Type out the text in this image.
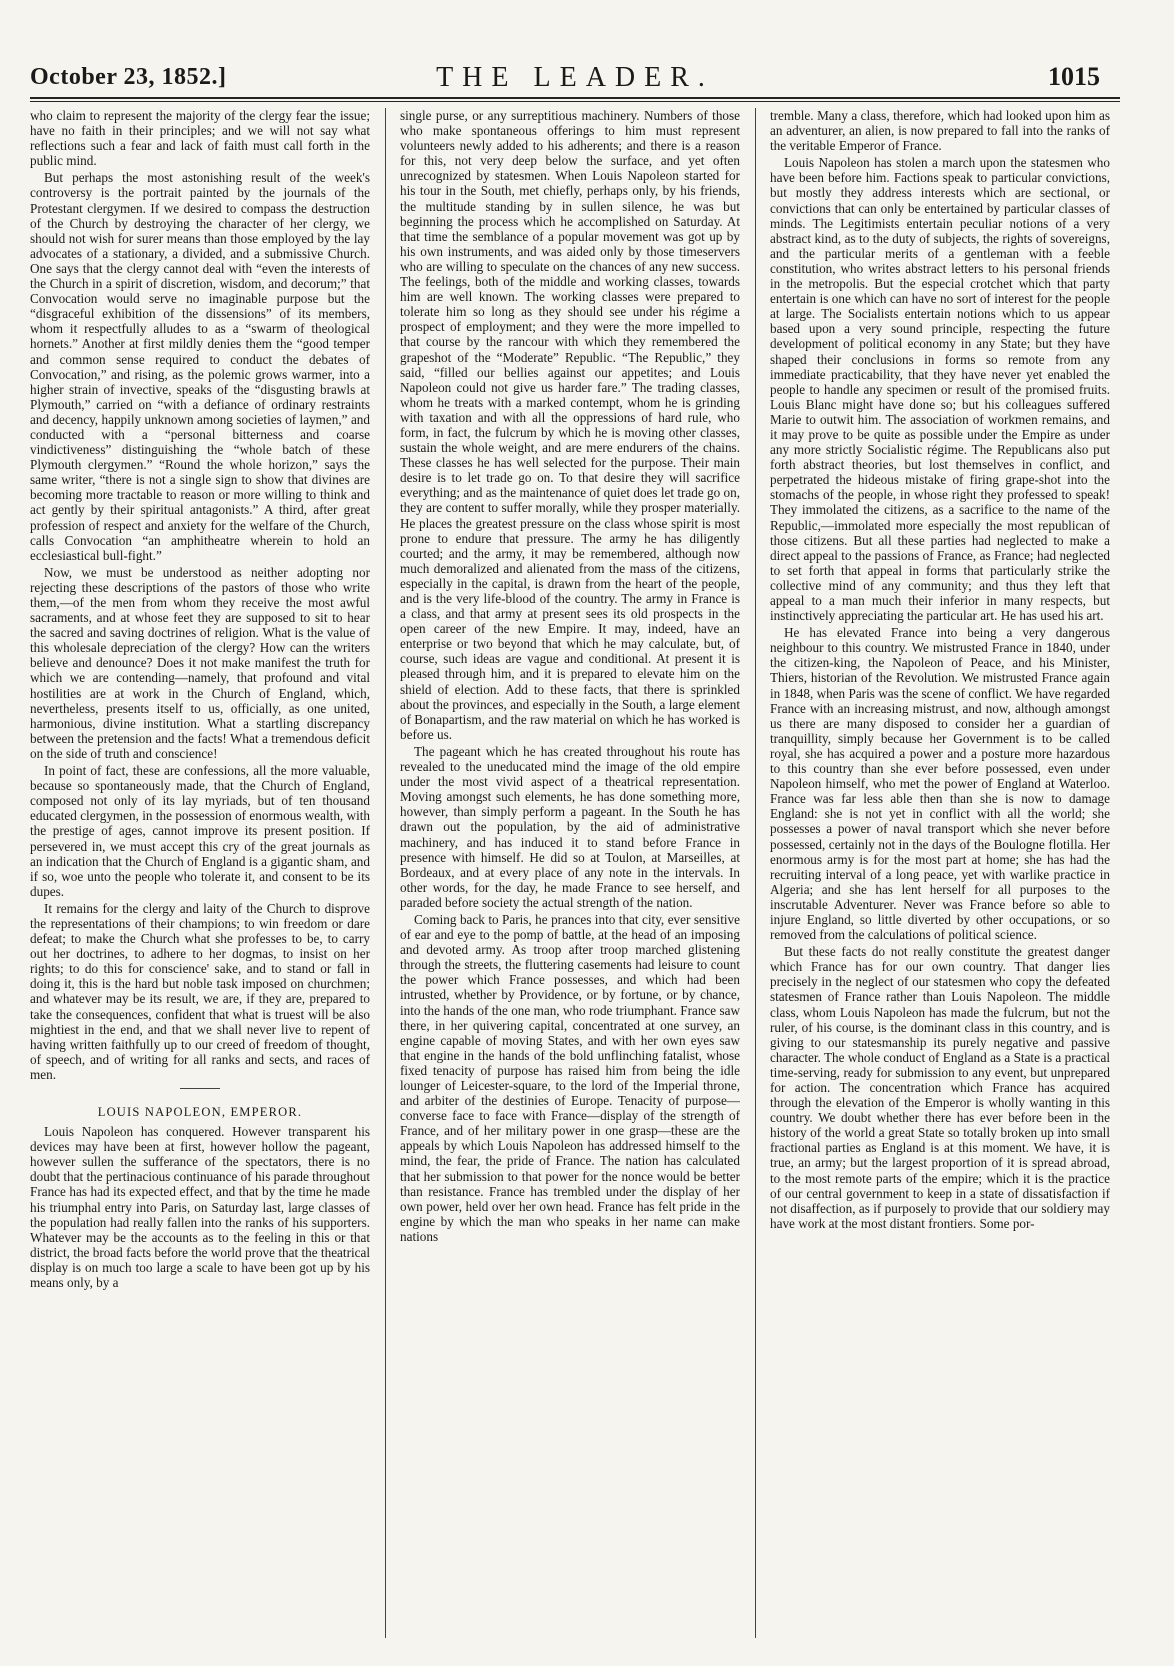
October 23, 1852.]	THE LEADER.	1015

who claim to represent the majority of the clergy fear the issue; have no faith in their principles; and we will not say what reflections such a fear and lack of faith must call forth in the public mind.

But perhaps the most astonishing result of the week's controversy is the portrait painted by the journals of the Protestant clergymen. If we desired to compass the destruction of the Church by destroying the character of her clergy, we should not wish for surer means than those employed by the lay advocates of a stationary, a divided, and a submissive Church. One says that the clergy cannot deal with “even the interests of the Church in a spirit of discretion, wisdom, and decorum;” that Convocation would serve no imaginable purpose but the “disgraceful exhibition of the dissensions” of its members, whom it respectfully alludes to as a “swarm of theological hornets.” Another at first mildly denies them the “good temper and common sense required to conduct the debates of Convocation,” and rising, as the polemic grows warmer, into a higher strain of invective, speaks of the “disgusting brawls at Plymouth,” carried on “with a defiance of ordinary restraints and decency, happily unknown among societies of laymen,” and conducted with a “personal bitterness and coarse vindictiveness” distinguishing the “whole batch of these Plymouth clergymen.” “Round the whole horizon,” says the same writer, “there is not a single sign to show that divines are becoming more tractable to reason or more willing to think and act gently by their spiritual antagonists.” A third, after great profession of respect and anxiety for the welfare of the Church, calls Convocation “an amphitheatre wherein to hold an ecclesiastical bull-fight.”

Now, we must be understood as neither adopting nor rejecting these descriptions of the pastors of those who write them,—of the men from whom they receive the most awful sacraments, and at whose feet they are supposed to sit to hear the sacred and saving doctrines of religion. What is the value of this wholesale depreciation of the clergy? How can the writers believe and denounce? Does it not make manifest the truth for which we are contending—namely, that profound and vital hostilities are at work in the Church of England, which, nevertheless, presents itself to us, officially, as one united, harmonious, divine institution. What a startling discrepancy between the pretension and the facts! What a tremendous deficit on the side of truth and conscience!

In point of fact, these are confessions, all the more valuable, because so spontaneously made, that the Church of England, composed not only of its lay myriads, but of ten thousand educated clergymen, in the possession of enormous wealth, with the prestige of ages, cannot improve its present position. If persevered in, we must accept this cry of the great journals as an indication that the Church of England is a gigantic sham, and if so, woe unto the people who tolerate it, and consent to be its dupes.

It remains for the clergy and laity of the Church to disprove the representations of their champions; to win freedom or dare defeat; to make the Church what she professes to be, to carry out her doctrines, to adhere to her dogmas, to insist on her rights; to do this for conscience' sake, and to stand or fall in doing it, this is the hard but noble task imposed on churchmen; and whatever may be its result, we are, if they are, prepared to take the consequences, confident that what is truest will be also mightiest in the end, and that we shall never live to repent of having written faithfully up to our creed of freedom of thought, of speech, and of writing for all ranks and sects, and races of men.

LOUIS NAPOLEON, EMPEROR.

Louis Napoleon has conquered. However transparent his devices may have been at first, however hollow the pageant, however sullen the sufferance of the spectators, there is no doubt that the pertinacious continuance of his parade throughout France has had its expected effect, and that by the time he made his triumphal entry into Paris, on Saturday last, large classes of the population had really fallen into the ranks of his supporters. Whatever may be the accounts as to the feeling in this or that district, the broad facts before the world prove that the theatrical display is on much too large a scale to have been got up by his means only, by a

single purse, or any surreptitious machinery. Numbers of those who make spontaneous offerings to him must represent volunteers newly added to his adherents; and there is a reason for this, not very deep below the surface, and yet often unrecognized by statesmen. When Louis Napoleon started for his tour in the South, met chiefly, perhaps only, by his friends, the multitude standing by in sullen silence, he was but beginning the process which he accomplished on Saturday. At that time the semblance of a popular movement was got up by his own instruments, and was aided only by those timeservers who are willing to speculate on the chances of any new success. The feelings, both of the middle and working classes, towards him are well known. The working classes were prepared to tolerate him so long as they should see under his régime a prospect of employment; and they were the more impelled to that course by the rancour with which they remembered the grapeshot of the “Moderate” Republic. “The Republic,” they said, “filled our bellies against our appetites; and Louis Napoleon could not give us harder fare.” The trading classes, whom he treats with a marked contempt, whom he is grinding with taxation and with all the oppressions of hard rule, who form, in fact, the fulcrum by which he is moving other classes, sustain the whole weight, and are mere endurers of the chains. These classes he has well selected for the purpose. Their main desire is to let trade go on. To that desire they will sacrifice everything; and as the maintenance of quiet does let trade go on, they are content to suffer morally, while they prosper materially. He places the greatest pressure on the class whose spirit is most prone to endure that pressure. The army he has diligently courted; and the army, it may be remembered, although now much demoralized and alienated from the mass of the citizens, especially in the capital, is drawn from the heart of the people, and is the very life-blood of the country. The army in France is a class, and that army at present sees its old prospects in the open career of the new Empire. It may, indeed, have an enterprise or two beyond that which he may calculate, but, of course, such ideas are vague and conditional. At present it is pleased through him, and it is prepared to elevate him on the shield of election. Add to these facts, that there is sprinkled about the provinces, and especially in the South, a large element of Bonapartism, and the raw material on which he has worked is before us.

The pageant which he has created throughout his route has revealed to the uneducated mind the image of the old empire under the most vivid aspect of a theatrical representation. Moving amongst such elements, he has done something more, however, than simply perform a pageant. In the South he has drawn out the population, by the aid of administrative machinery, and has induced it to stand before France in presence with himself. He did so at Toulon, at Marseilles, at Bordeaux, and at every place of any note in the intervals. In other words, for the day, he made France to see herself, and paraded before society the actual strength of the nation.

Coming back to Paris, he prances into that city, ever sensitive of ear and eye to the pomp of battle, at the head of an imposing and devoted army. As troop after troop marched glistening through the streets, the fluttering casements had leisure to count the power which France possesses, and which had been intrusted, whether by Providence, or by fortune, or by chance, into the hands of the one man, who rode triumphant. France saw there, in her quivering capital, concentrated at one survey, an engine capable of moving States, and with her own eyes saw that engine in the hands of the bold unflinching fatalist, whose fixed tenacity of purpose has raised him from being the idle lounger of Leicester-square, to the lord of the Imperial throne, and arbiter of the destinies of Europe. Tenacity of purpose—converse face to face with France—display of the strength of France, and of her military power in one grasp—these are the appeals by which Louis Napoleon has addressed himself to the mind, the fear, the pride of France. The nation has calculated that her submission to that power for the nonce would be better than resistance. France has trembled under the display of her own power, held over her own head. France has felt pride in the engine by which the man who speaks in her name can make nations

tremble. Many a class, therefore, which had looked upon him as an adventurer, an alien, is now prepared to fall into the ranks of the veritable Emperor of France.

Louis Napoleon has stolen a march upon the statesmen who have been before him. Factions speak to particular convictions, but mostly they address interests which are sectional, or convictions that can only be entertained by particular classes of minds. The Legitimists entertain peculiar notions of a very abstract kind, as to the duty of subjects, the rights of sovereigns, and the particular merits of a gentleman with a feeble constitution, who writes abstract letters to his personal friends in the metropolis. But the especial crotchet which that party entertain is one which can have no sort of interest for the people at large. The Socialists entertain notions which to us appear based upon a very sound principle, respecting the future development of political economy in any State; but they have shaped their conclusions in forms so remote from any immediate practicability, that they have never yet enabled the people to handle any specimen or result of the promised fruits. Louis Blanc might have done so; but his colleagues suffered Marie to outwit him. The association of workmen remains, and it may prove to be quite as possible under the Empire as under any more strictly Socialistic régime. The Republicans also put forth abstract theories, but lost themselves in conflict, and perpetrated the hideous mistake of firing grape-shot into the stomachs of the people, in whose right they professed to speak! They immolated the citizens, as a sacrifice to the name of the Republic,—immolated more especially the most republican of those citizens. But all these parties had neglected to make a direct appeal to the passions of France, as France; had neglected to set forth that appeal in forms that particularly strike the collective mind of any community; and thus they left that appeal to a man much their inferior in many respects, but instinctively appreciating the particular art. He has used his art.

He has elevated France into being a very dangerous neighbour to this country. We mistrusted France in 1840, under the citizen-king, the Napoleon of Peace, and his Minister, Thiers, historian of the Revolution. We mistrusted France again in 1848, when Paris was the scene of conflict. We have regarded France with an increasing mistrust, and now, although amongst us there are many disposed to consider her a guardian of tranquillity, simply because her Government is to be called royal, she has acquired a power and a posture more hazardous to this country than she ever before possessed, even under Napoleon himself, who met the power of England at Waterloo. France was far less able then than she is now to damage England: she is not yet in conflict with all the world; she possesses a power of naval transport which she never before possessed, certainly not in the days of the Boulogne flotilla. Her enormous army is for the most part at home; she has had the recruiting interval of a long peace, yet with warlike practice in Algeria; and she has lent herself for all purposes to the inscrutable Adventurer. Never was France before so able to injure England, so little diverted by other occupations, or so removed from the calculations of political science.

But these facts do not really constitute the greatest danger which France has for our own country. That danger lies precisely in the neglect of our statesmen who copy the defeated statesmen of France rather than Louis Napoleon. The middle class, whom Louis Napoleon has made the fulcrum, but not the ruler, of his course, is the dominant class in this country, and is giving to our statesmanship its purely negative and passive character. The whole conduct of England as a State is a practical time-serving, ready for submission to any event, but unprepared for action. The concentration which France has acquired through the elevation of the Emperor is wholly wanting in this country. We doubt whether there has ever before been in the history of the world a great State so totally broken up into small fractional parties as England is at this moment. We have, it is true, an army; but the largest proportion of it is spread abroad, to the most remote parts of the empire; which it is the practice of our central government to keep in a state of dissatisfaction if not disaffection, as if purposely to provide that our soldiery may have work at the most distant frontiers. Some por-
